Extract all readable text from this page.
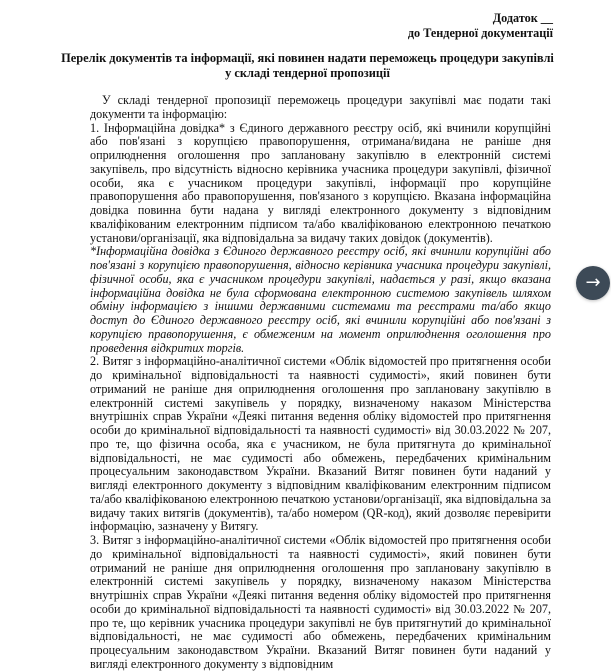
Додаток __
до Тендерної документації
Перелік документів та інформації, які повинен надати переможець процедури закупівлі у складі тендерної пропозиції

У складі тендерної пропозиції переможець процедури закупівлі має подати такі документи та інформацію:

1. Інформаційна довідка* з Єдиного державного реєстру осіб, які вчинили корупційні або пов'язані з корупцією правопорушення, отримана/видана не раніше дня оприлюднення оголошення про заплановану закупівлю в електронній системі закупівель, про відсутність відносно керівника учасника процедури закупівлі, фізичної особи, яка є учасником процедури закупівлі, інформації про корупційне правопорушення або правопорушення, пов'язаного з корупцією. Вказана інформаційна довідка повинна бути надана у вигляді електронного документу з відповідним кваліфікованим електронним підписом та/або кваліфікованою електронною печаткою установи/організації, яка відповідальна за видачу таких довідок (документів).

*Інформаційна довідка з Єдиного державного реєстру осіб, які вчинили корупційні або пов'язані з корупцією правопорушення, відносно керівника учасника процедури закупівлі, фізичної особи, яка є учасником процедури закупівлі, надається у разі, якщо вказана інформаційна довідка не була сформована електронною системою закупівель шляхом обміну інформацією з іншими державними системами та реєстрами та/або якщо доступ до Єдиного державного реєстру осіб, які вчинили корупційні або пов'язані з корупцією правопорушення, є обмеженим на момент оприлюднення оголошення про проведення відкритих торгів.

2. Витяг з інформаційно-аналітичної системи «Облік відомостей про притягнення особи до кримінальної відповідальності та наявності судимості», який повинен бути отриманий не раніше дня оприлюднення оголошення про заплановану закупівлю в електронній системі закупівель у порядку, визначеному наказом Міністерства внутрішніх справ України «Деякі питання ведення обліку відомостей про притягнення особи до кримінальної відповідальності та наявності судимості» від 30.03.2022 № 207, про те, що фізична особа, яка є учасником, не була притягнута до кримінальної відповідальності, не має судимості або обмежень, передбачених кримінальним процесуальним законодавством України. Вказаний Витяг повинен бути наданий у вигляді електронного документу з відповідним кваліфікованим електронним підписом та/або кваліфікованою електронною печаткою установи/організації, яка відповідальна за видачу таких витягів (документів), та/або номером (QR-код), який дозволяє перевірити інформацію, зазначену у Витягу.

3. Витяг з інформаційно-аналітичної системи «Облік відомостей про притягнення особи до кримінальної відповідальності та наявності судимості», який повинен бути отриманий не раніше дня оприлюднення оголошення про заплановану закупівлю в електронній системі закупівель у порядку, визначеному наказом Міністерства внутрішніх справ України «Деякі питання ведення обліку відомостей про притягнення особи до кримінальної відповідальності та наявності судимості» від 30.03.2022 № 207, про те, що керівник учасника процедури закупівлі не був притягнутий до кримінальної відповідальності, не має судимості або обмежень, передбачених кримінальним процесуальним законодавством України. Вказаний Витяг повинен бути наданий у вигляді електронного документу з відповідним

→
